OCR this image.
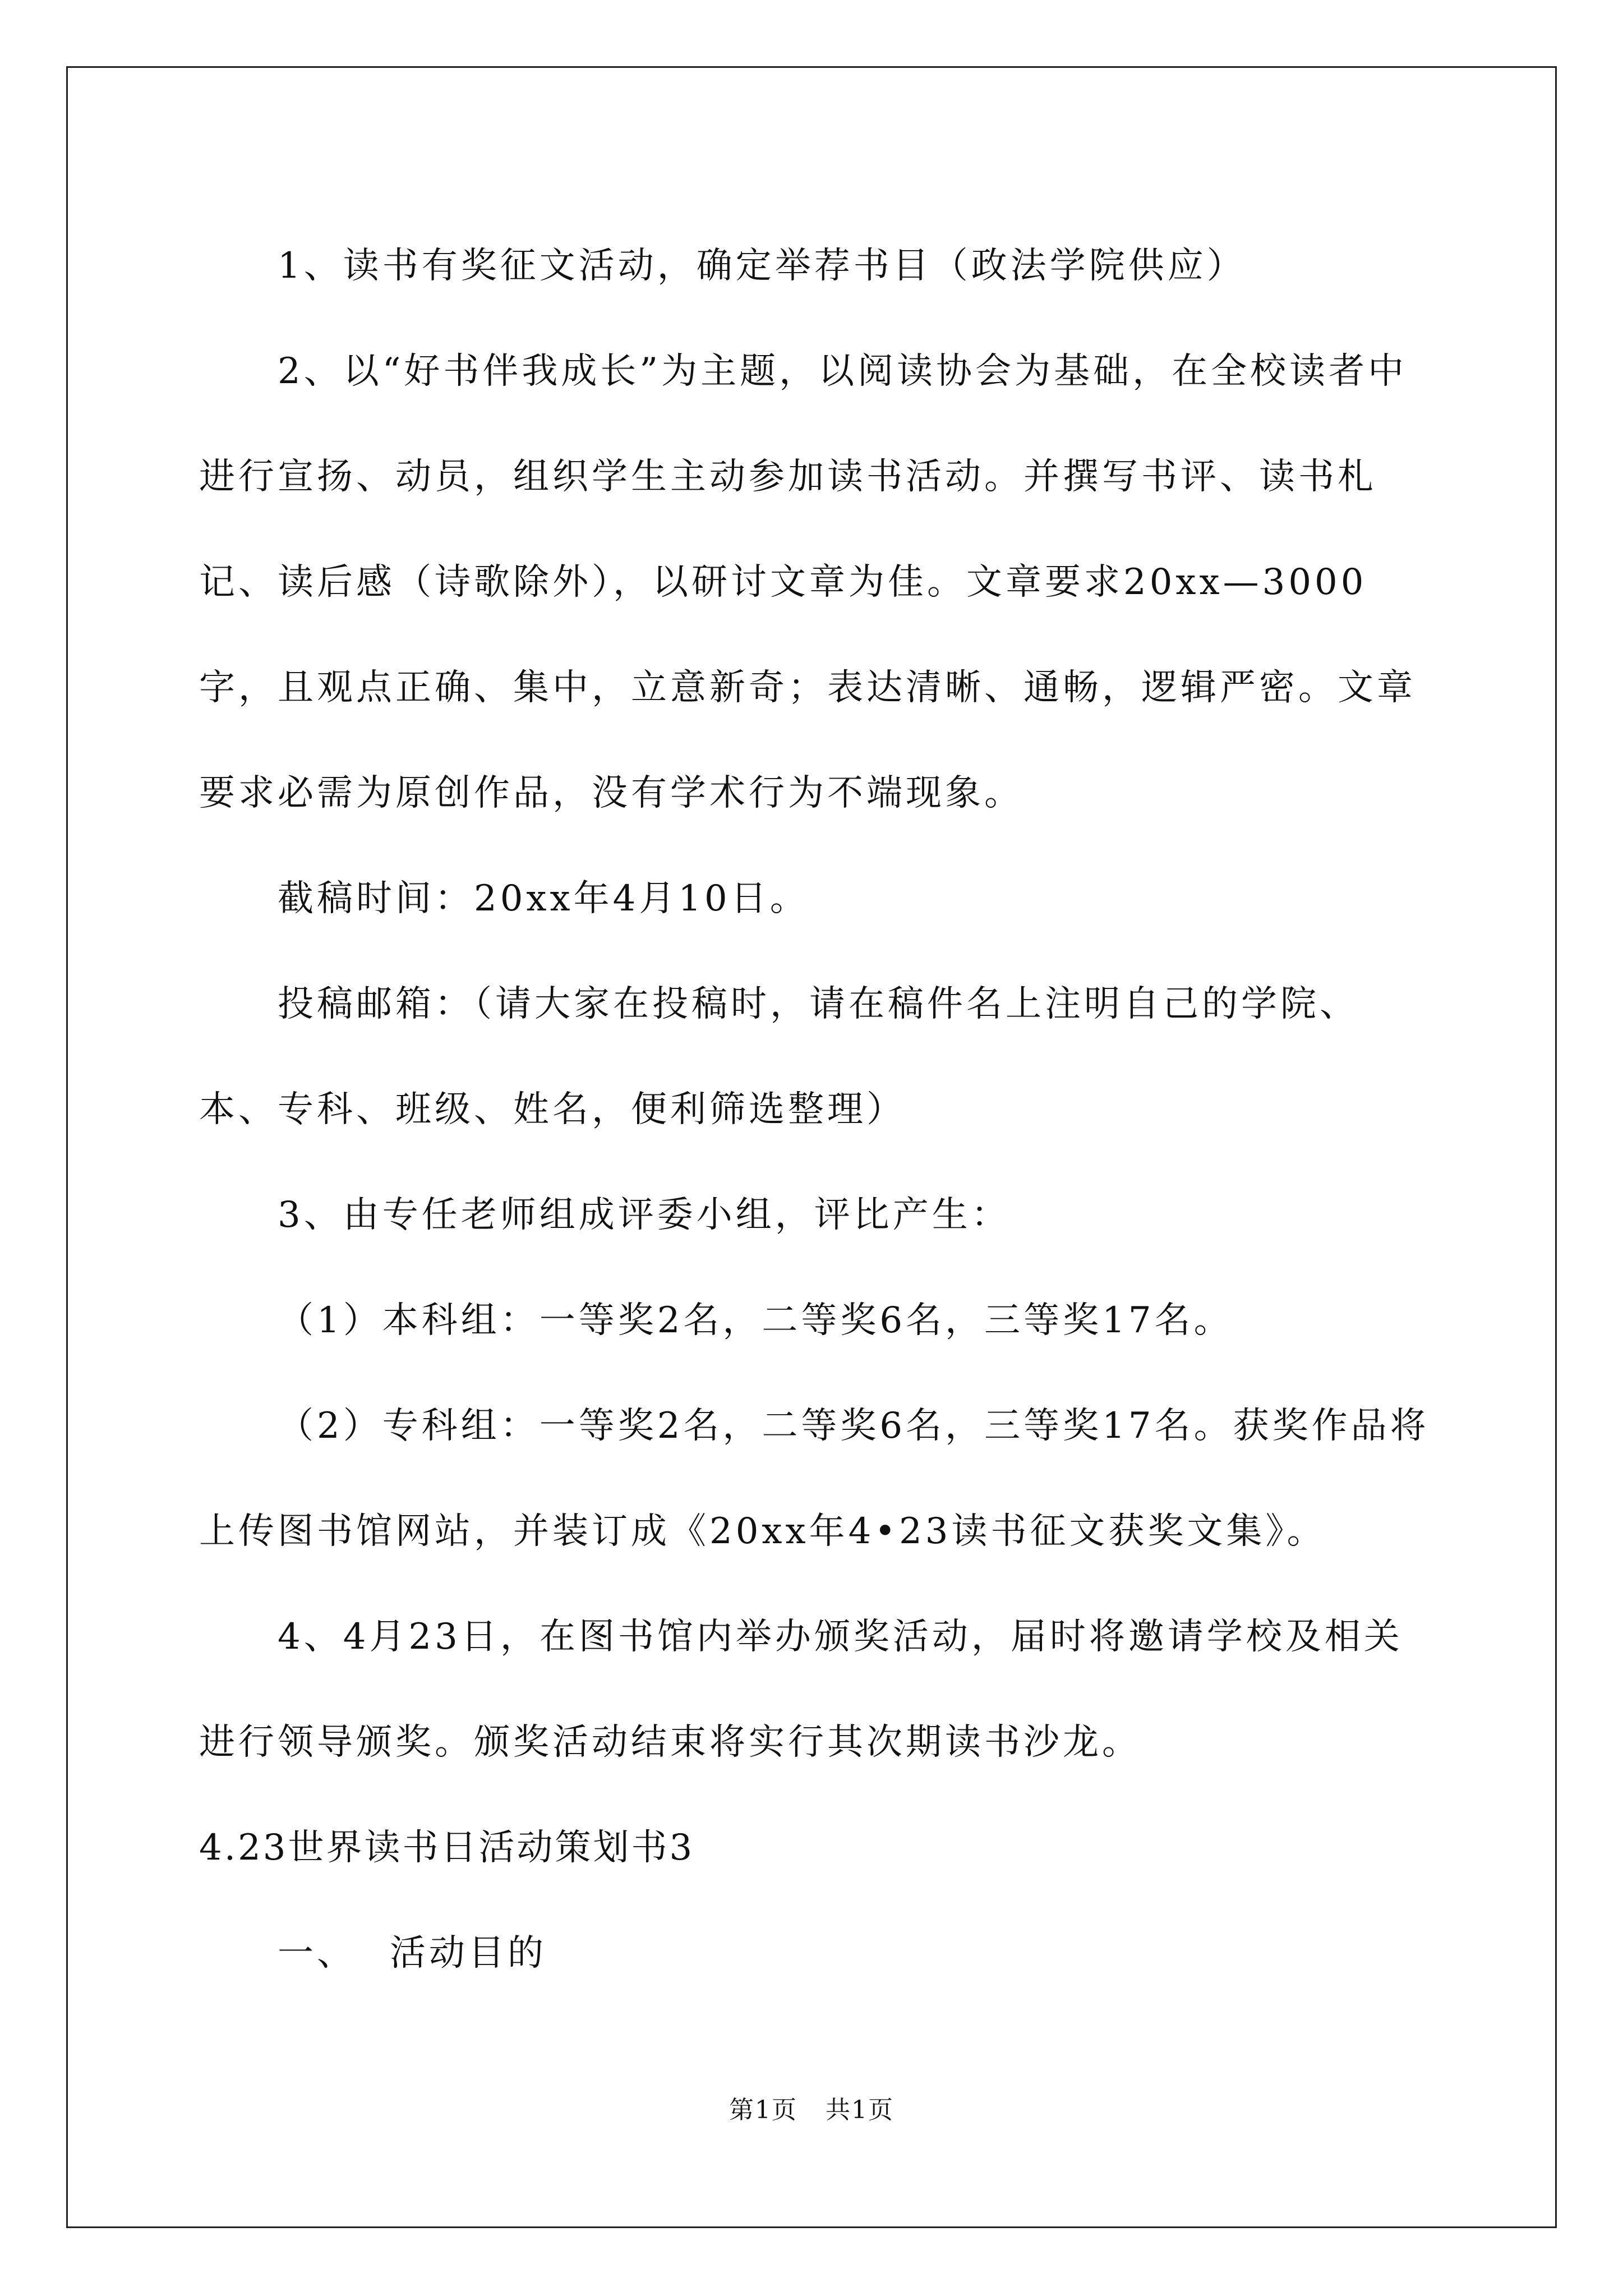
1、读书有奖征文活动，确定举荐书目（政法学院供应）

2、以“好书伴我成长”为主题，以阅读协会为基础，在全校读者中进行宣扬、动员，组织学生主动参加读书活动。并撰写书评、读书札记、读后感（诗歌除外），以研讨文章为佳。文章要求20xx—3000字，且观点正确、集中，立意新奇；表达清晰、通畅，逻辑严密。文章要求必需为原创作品，没有学术行为不端现象。

截稿时间：20xx年4月10日。

投稿邮箱：（请大家在投稿时，请在稿件名上注明自己的学院、本、专科、班级、姓名，便利筛选整理）

3、由专任老师组成评委小组，评比产生：

（1）本科组：一等奖2名，二等奖6名，三等奖17名。

（2）专科组：一等奖2名，二等奖6名，三等奖17名。获奖作品将上传图书馆网站，并装订成《20xx年4•23读书征文获奖文集》。

4、4月23日，在图书馆内举办颁奖活动，届时将邀请学校及相关进行领导颁奖。颁奖活动结束将实行其次期读书沙龙。

4.23世界读书日活动策划书3

一、 活动目的

第1页 共1页
